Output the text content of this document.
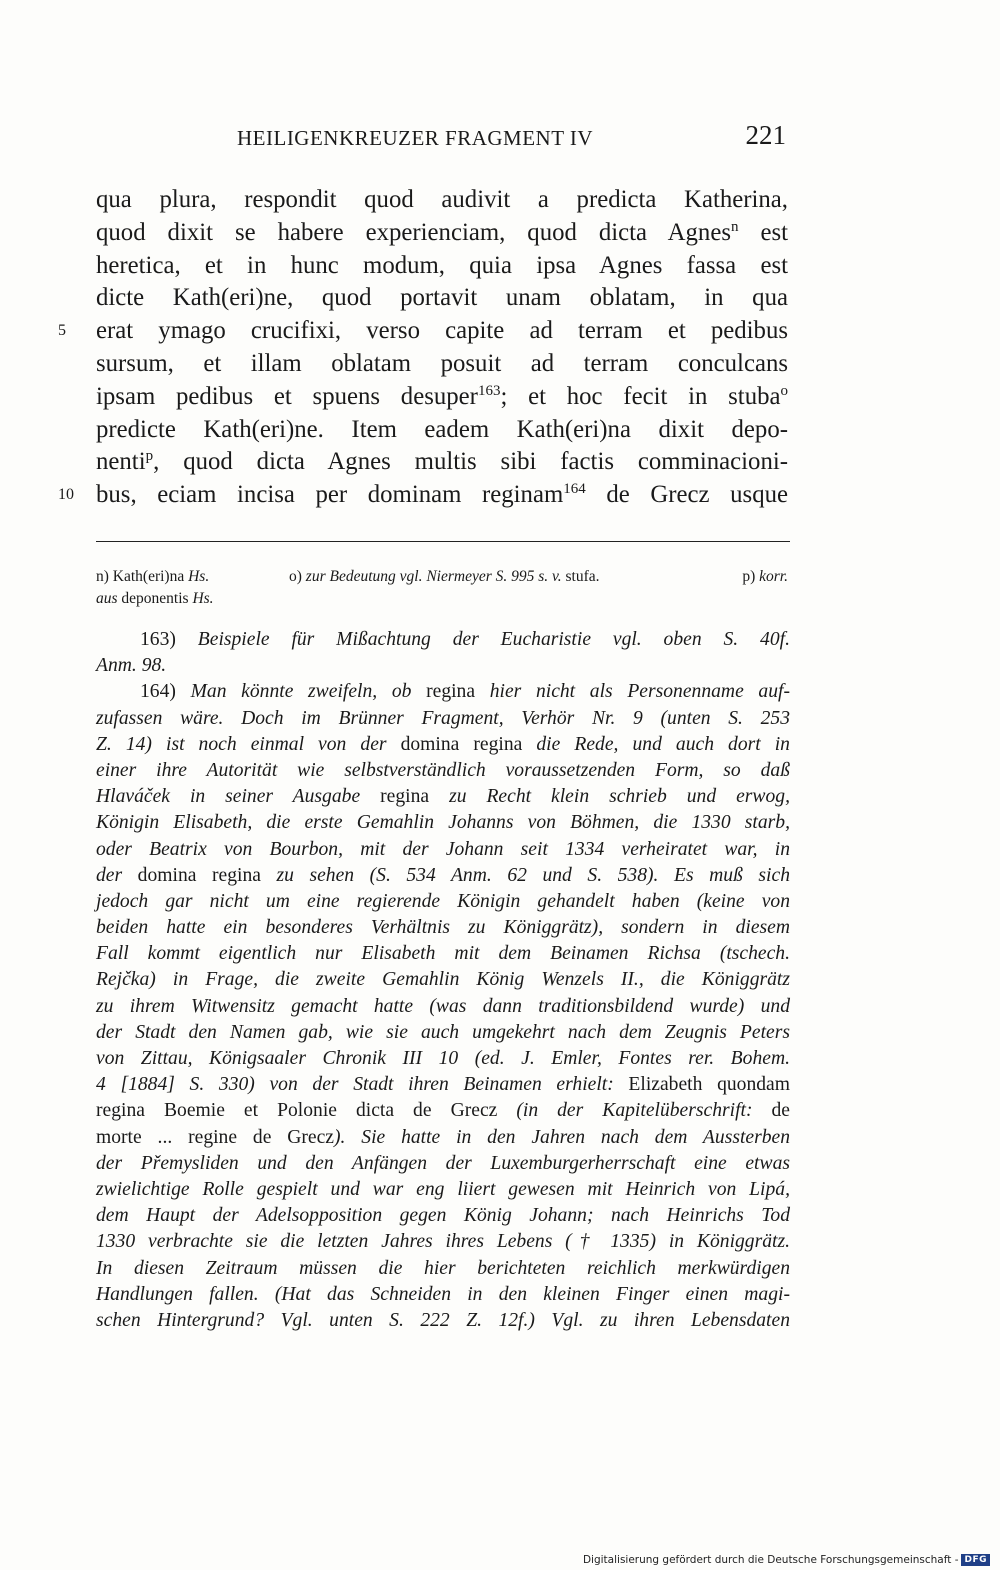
HEILIGENKREUZER FRAGMENT IV	221
qua plura, respondit quod audivit a predicta Katherina,
quod dixit se habere experienciam, quod dicta Agnes$^n$ est
heretica, et in hunc modum, quia ipsa Agnes fassa est
dicte Kath(eri)ne, quod portavit unam oblatam, in qua
5	erat ymago crucifixi, verso capite ad terram et pedibus
sursum, et illam oblatam posuit ad terram conculcans
ipsam pedibus et spuens desuper$^{163}$; et hoc fecit in stuba$^o$
predicte Kath(eri)ne. Item eadem Kath(eri)na dixit depo-
nenti$^p$, quod dicta Agnes multis sibi factis comminacioni-
10 bus, eciam incisa per dominam reginam$^{164}$ de Grecz usque
n) Kath(eri)na Hs.	o) zur Bedeutung vgl. Niermeyer S. 995 s. v. stufa.	p) korr.
aus deponentis Hs.
163) Beispiele für Mißachtung der Eucharistie vgl. oben S. 40f.
Anm. 98.
164) Man könnte zweifeln, ob regina hier nicht als Personenname auf-
zufassen wäre. Doch im Brünner Fragment, Verhör Nr. 9 (unten S. 253
Z. 14) ist noch einmal von der domina regina die Rede, und auch dort in
einer ihre Autorität wie selbstverständlich voraussetzenden Form, so daß
Hlaváček in seiner Ausgabe regina zu Recht klein schrieb und erwog,
Königin Elisabeth, die erste Gemahlin Johanns von Böhmen, die 1330 starb,
oder Beatrix von Bourbon, mit der Johann seit 1334 verheiratet war, in
der domina regina zu sehen (S. 534 Anm. 62 und S. 538). Es muß sich
jedoch gar nicht um eine regierende Königin gehandelt haben (keine von
beiden hatte ein besonderes Verhältnis zu Königgrätz), sondern in diesem
Fall kommt eigentlich nur Elisabeth mit dem Beinamen Richsa (tschech.
Rejčka) in Frage, die zweite Gemahlin König Wenzels II., die Königgrätz
zu ihrem Witwensitz gemacht hatte (was dann traditionsbildend wurde) und
der Stadt den Namen gab, wie sie auch umgekehrt nach dem Zeugnis Peters
von Zittau, Königsaaler Chronik III 10 (ed. J. Emler, Fontes rer. Bohem.
4 [1884] S. 330) von der Stadt ihren Beinamen erhielt: Elizabeth quondam
regina Boemie et Polonie dicta de Grecz (in der Kapitelüberschrift: de
morte ... regine de Grecz). Sie hatte in den Jahren nach dem Aussterben
der Přemysliden und den Anfängen der Luxemburgerherrschaft eine etwas
zwielichtige Rolle gespielt und war eng liiert gewesen mit Heinrich von Lipá,
dem Haupt der Adelsopposition gegen König Johann; nach Heinrichs Tod
1330 verbrachte sie die letzten Jahres ihres Lebens († 1335) in Königgrätz.
In diesen Zeitraum müssen die hier berichteten reichlich merkwürdigen
Handlungen fallen. (Hat das Schneiden in den kleinen Finger einen magi-
schen Hintergrund? Vgl. unten S. 222 Z. 12f.) Vgl. zu ihren Lebensdaten
Digitalisierung gefördert durch die Deutsche Forschungsgemeinschaft - DFG
